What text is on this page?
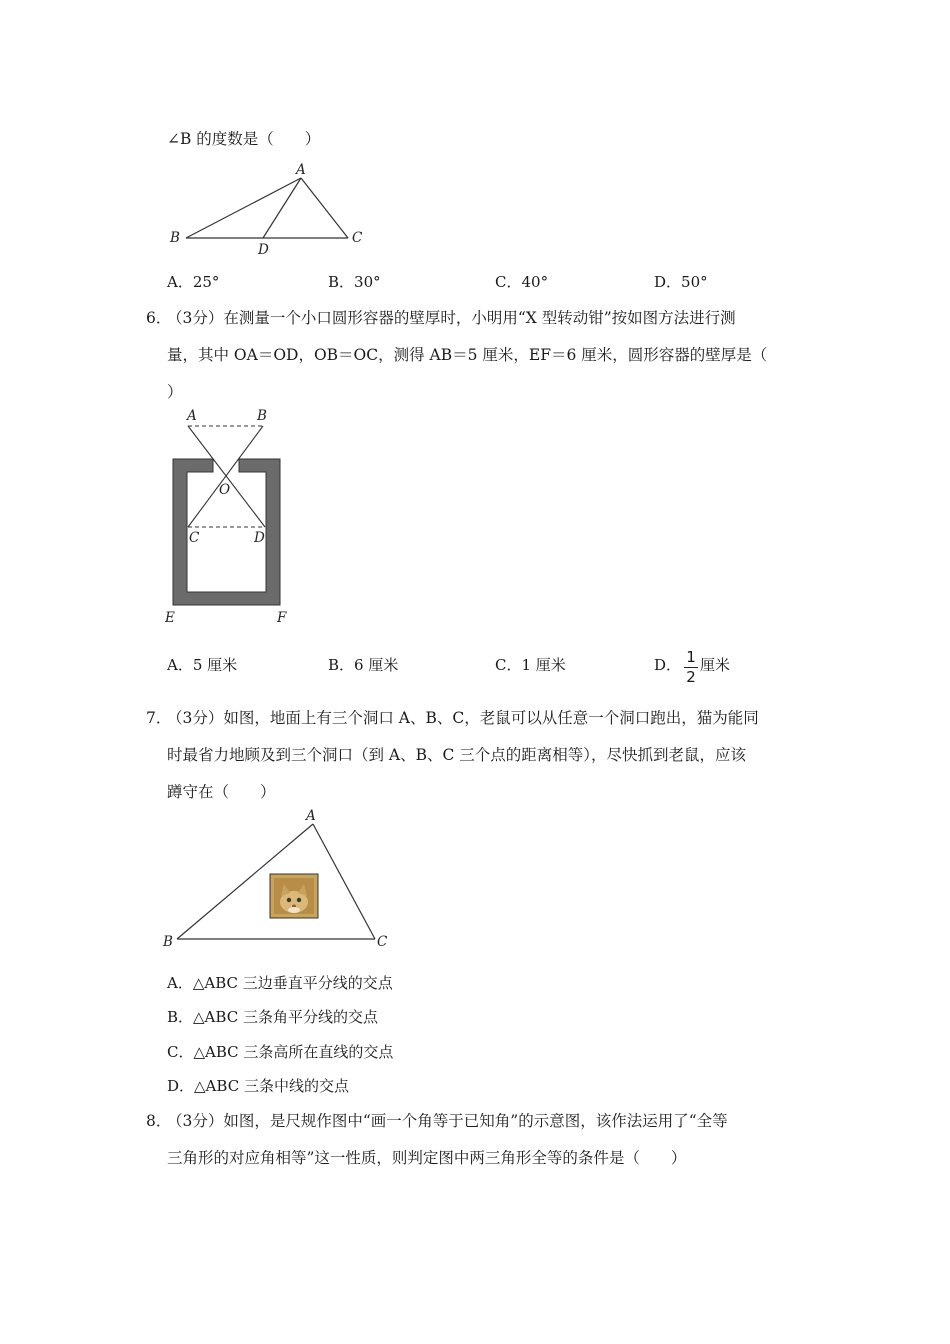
∠B 的度数是（　　）
A
B	C
D
A．25°	B．30°	C．40°	D．50°
6．
（3分）在测量一个小口圆形容器的壁厚时，小明用“X 型转动钳”按如图方法进行测
量，其中 OA＝OD，OB＝OC，测得 AB＝5 厘米，EF＝6 厘米，圆形容器的壁厚是（
）
A	B
O
C	D
E	F
A．5 厘米	B．6 厘米	C．1 厘米	D． 1
2
厘米
7．
（3分）如图，地面上有三个洞口 A、B、C，老鼠可以从任意一个洞口跑出，猫为能同
时最省力地顾及到三个洞口（到 A、B、C 三个点的距离相等），尽快抓到老鼠，应该
蹲守在（　　）
A
B	C
A．△ABC 三边垂直平分线的交点
B．△ABC 三条角平分线的交点
C．△ABC 三条高所在直线的交点
D．△ABC 三条中线的交点
8．
（3分）如图，是尺规作图中“画一个角等于已知角”的示意图，该作法运用了“全等
三角形的对应角相等”这一性质，则判定图中两三角形全等的条件是（　　）
